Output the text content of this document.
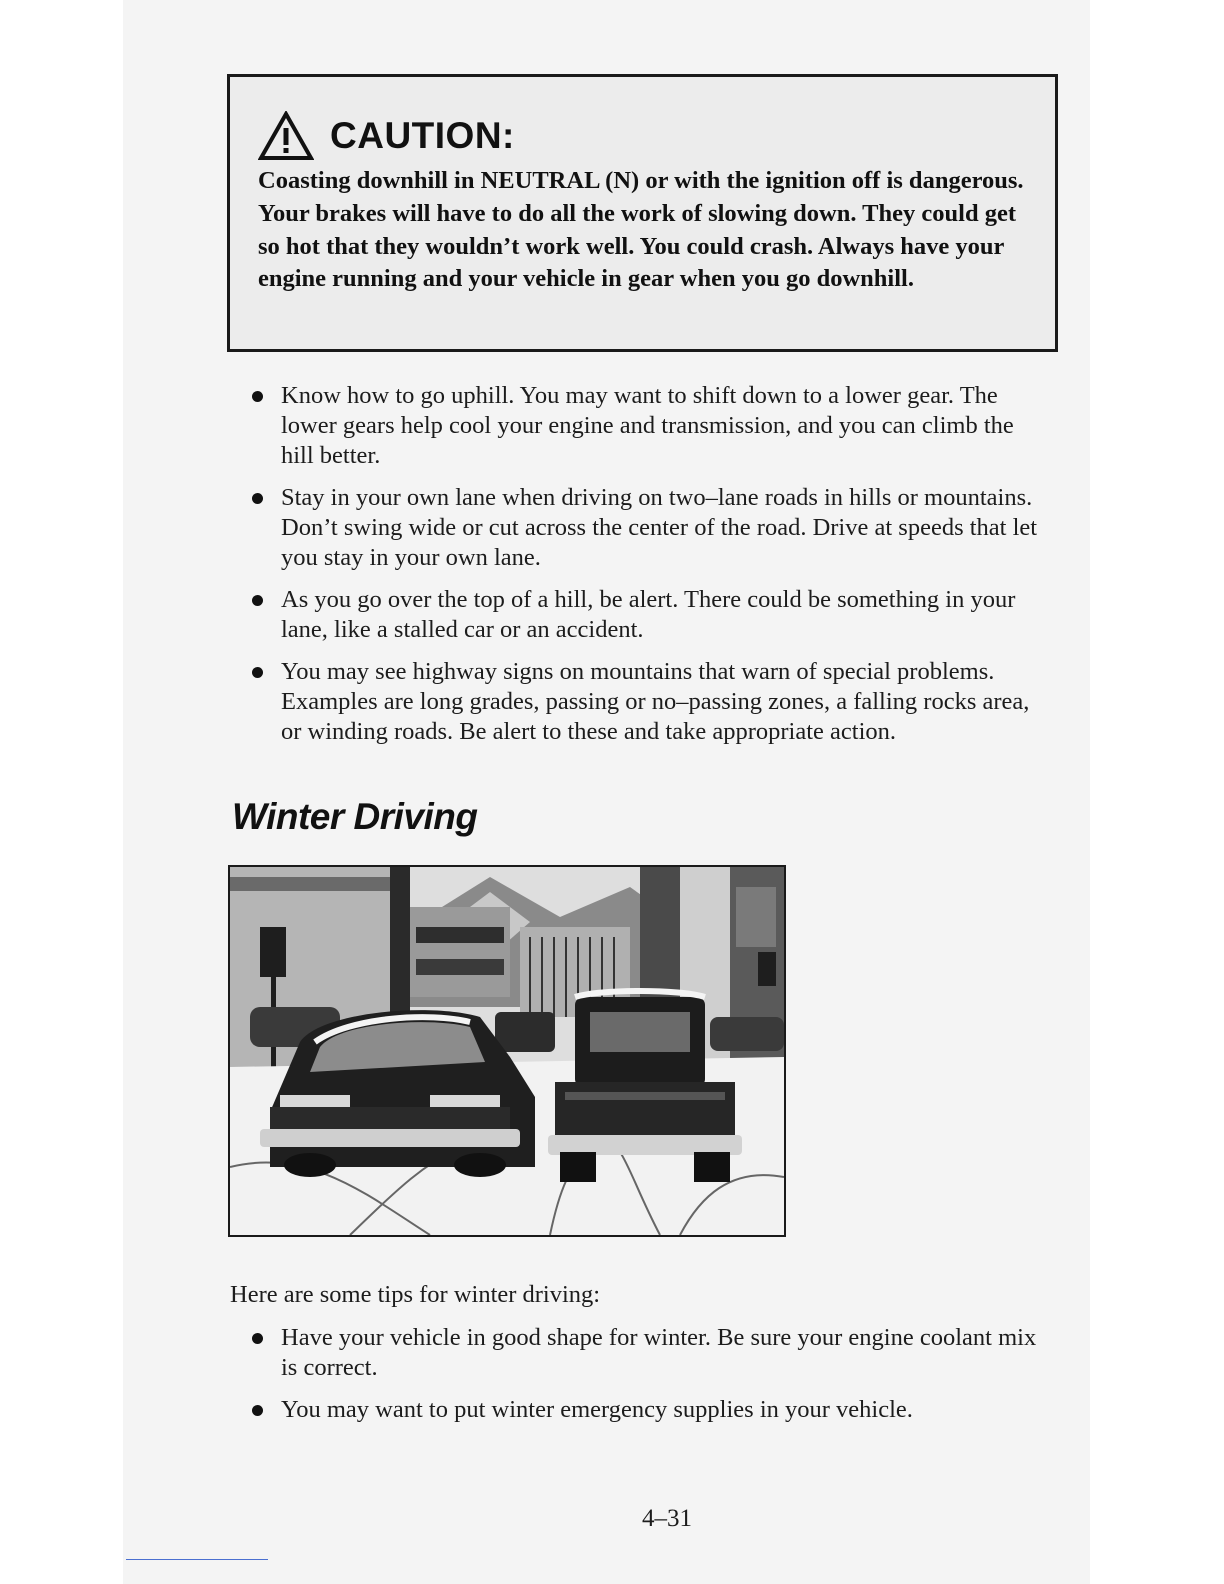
CAUTION:

Coasting downhill in NEUTRAL (N) or with the ignition off is dangerous. Your brakes will have to do all the work of slowing down. They could get so hot that they wouldn’t work well. You could crash. Always have your engine running and your vehicle in gear when you go downhill.

Know how to go uphill. You may want to shift down to a lower gear. The lower gears help cool your engine and transmission, and you can climb the hill better.
Stay in your own lane when driving on two–lane roads in hills or mountains. Don’t swing wide or cut across the center of the road. Drive at speeds that let you stay in your own lane.
As you go over the top of a hill, be alert. There could be something in your lane, like a stalled car or an accident.
You may see highway signs on mountains that warn of special problems. Examples are long grades, passing or no–passing zones, a falling rocks area, or winding roads. Be alert to these and take appropriate action.
Winter Driving

Here are some tips for winter driving:

Have your vehicle in good shape for winter. Be sure your engine coolant mix is correct.
You may want to put winter emergency supplies in your vehicle.

4–31
